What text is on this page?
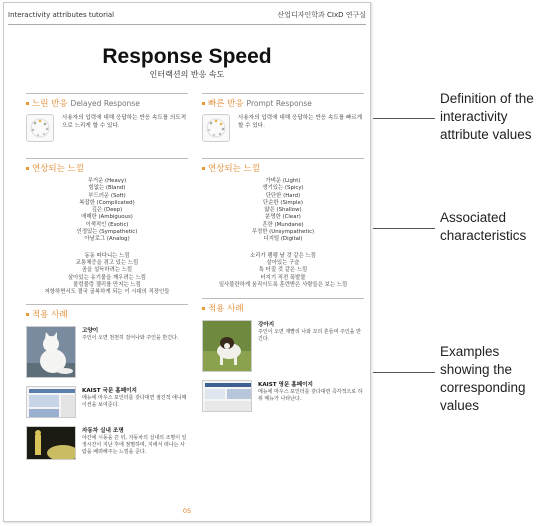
Interactivity attributes tutorial	산업디자인학과 CIxD 연구실
Response Speed
인터랙션의 반응 속도
느린 반응 Delayed Response
사용자의 입력에 대해 응답하는 반응 속도를 의도적으로 느리게 할 수 있다.
연상되는 느낌
무거운 (Heavy)
힘없는 (Bland)
부드러운 (Soft)
복잡한 (Complicated)
깊은 (Deep)
애매한 (Ambiguous)
이색적인 (Exotic)
인정있는 (Sympathetic)
아날로그 (Analog)
동동 떠다니는 느낌
교통체증을 겪고 있는 느낌
곰을 설득하려는 느낌
살아있는 유기물을 깨우려는 느낌
물렁물렁 젤리를 만지는 느낌
저항하면서도 결국 굴복하게 되는 이 시대의 직장인들
적용 사례
고양이
주인이 오면 천천히 걸어나와 주인을 반긴다.
KAIST 국문 홈페이지
메뉴에 마우스 포인터를 갖다대면 점진적 애니메이션을 보여준다.
자동차 실내 조명
야간에 시동을 끈 뒤, 자동차의 실내의 조명이 일정시간이 지난 후에 점멸하며, 지에서 떠나는 사람을 배려해주는 느낌을 준다.
빠른 반응 Prompt Response
사용자의 입력에 대해 응답하는 반응 속도를 빠르게 할 수 있다.
연상되는 느낌
가벼운 (Light)
생기있는 (Spicy)
단단한 (Hard)
단순한 (Simple)
얇은 (Shallow)
분명한 (Clear)
흔한 (Mundane)
무정한 (Unsympathetic)
디지털 (Digital)
소리가 팽팽 날 것 같은 느낌
살아있는 구슬
톡 터질 것 같은 느낌
터지기 직전 폭발물
일사불란하게 움직이도록 훈련받은 사람들은 보는 느낌
적용 사례
강아지
주인이 오면 재빨리 나와 꼬리 흔들며 주인을 반긴다.
KAIST 영문 홈페이지
메뉴에 마우스 포인터를 갖다대면 즉각적으로 하위 메뉴가 나타난다.
05
Definition of the interactivity attribute values
Associated characteristics
Examples showing the corresponding values
